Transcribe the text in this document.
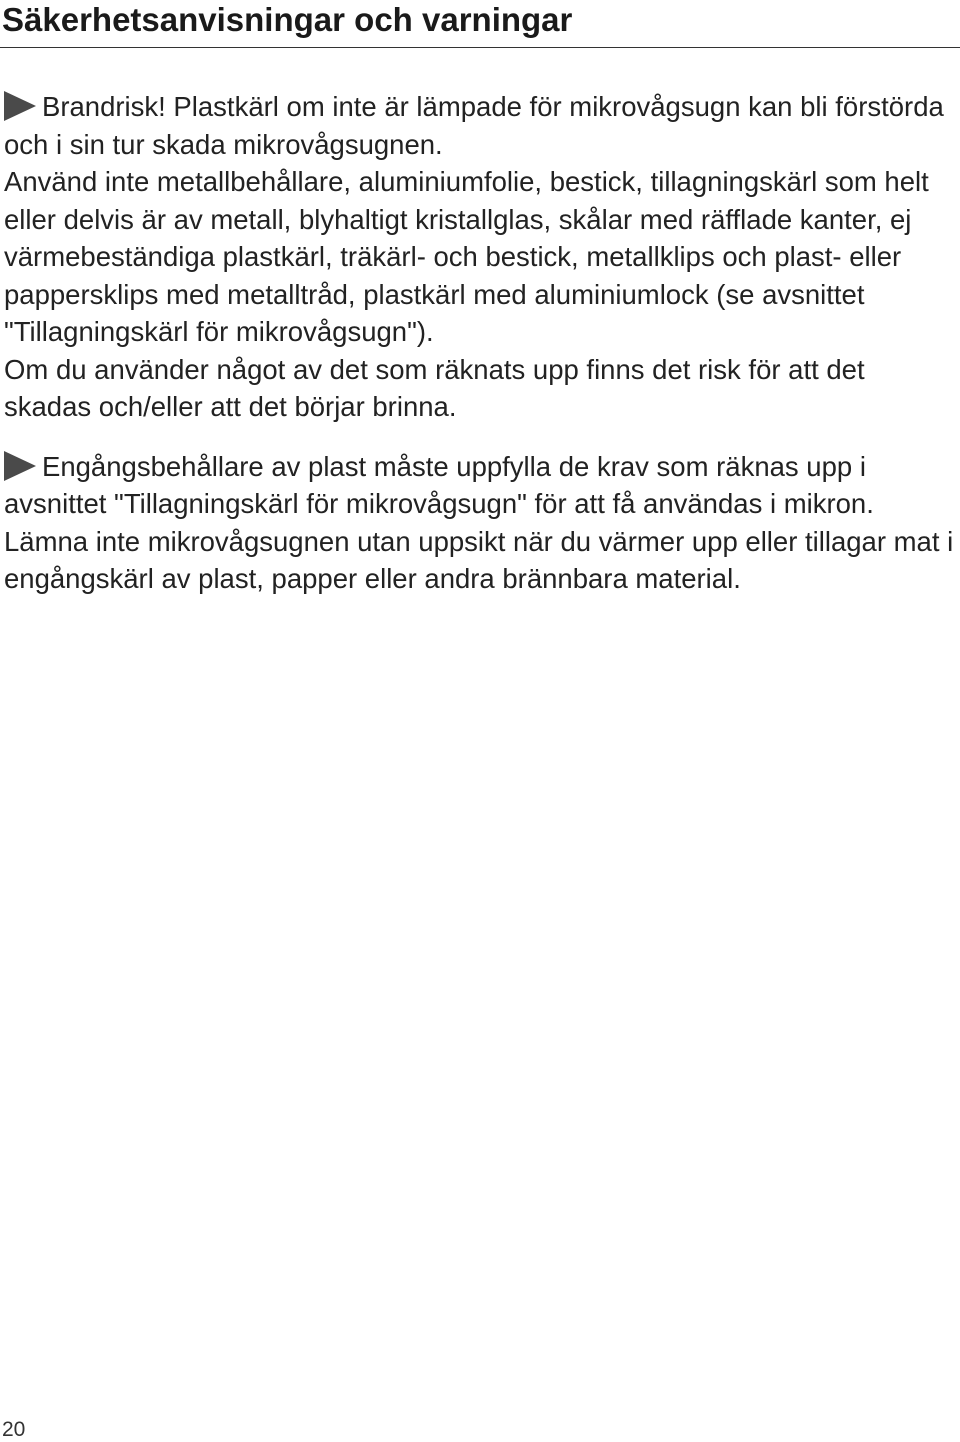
Säkerhetsanvisningar och varningar

Brandrisk! Plastkärl om inte är lämpade för mikrovågsugn kan bli förstörda och i sin tur skada mikrovågsugnen.

Använd inte metallbehållare, aluminiumfolie, bestick, tillagningskärl som helt eller delvis är av metall, blyhaltigt kristallglas, skålar med räfflade kanter, ej värmebeständiga plastkärl, träkärl- och bestick, metallklips och plast- eller pappersklips med metalltråd, plastkärl med aluminiumlock (se avsnittet "Tillagningskärl för mikrovågsugn").

Om du använder något av det som räknats upp finns det risk för att det skadas och/eller att det börjar brinna.

Engångsbehållare av plast måste uppfylla de krav som räknas upp i avsnittet "Tillagningskärl för mikrovågsugn" för att få användas i mikron.

Lämna inte mikrovågsugnen utan uppsikt när du värmer upp eller tillagar mat i engångskärl av plast, papper eller andra brännbara material.

20
